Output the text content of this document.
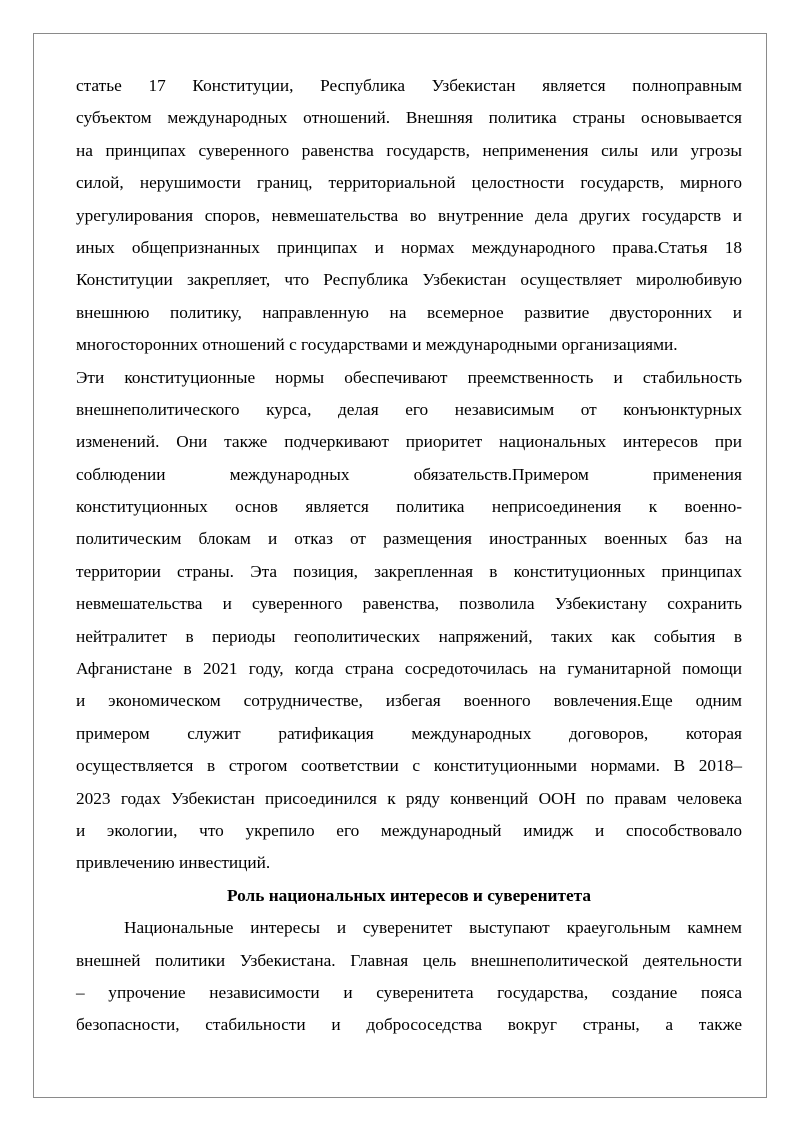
статье 17 Конституции, Республика Узбекистан является полноправным
субъектом международных отношений. Внешняя политика страны основывается
на принципах суверенного равенства государств, неприменения силы или угрозы
силой, нерушимости границ, территориальной целостности государств, мирного
урегулирования споров, невмешательства во внутренние дела других государств и
иных общепризнанных принципах и нормах международного права.Статья 18
Конституции закрепляет, что Республика Узбекистан осуществляет миролюбивую
внешнюю политику, направленную на всемерное развитие двусторонних и
многосторонних отношений с государствами и международными организациями.
Эти конституционные нормы обеспечивают преемственность и стабильность
внешнеполитического курса, делая его независимым от конъюнктурных
изменений. Они также подчеркивают приоритет национальных интересов при
соблюдении международных обязательств.Примером применения
конституционных основ является политика неприсоединения к военно-
политическим блокам и отказ от размещения иностранных военных баз на
территории страны. Эта позиция, закрепленная в конституционных принципах
невмешательства и суверенного равенства, позволила Узбекистану сохранить
нейтралитет в периоды геополитических напряжений, таких как события в
Афганистане в 2021 году, когда страна сосредоточилась на гуманитарной помощи
и экономическом сотрудничестве, избегая военного вовлечения.Еще одним
примером служит ратификация международных договоров, которая
осуществляется в строгом соответствии с конституционными нормами. В 2018–
2023 годах Узбекистан присоединился к ряду конвенций ООН по правам человека
и экологии, что укрепило его международный имидж и способствовало
привлечению инвестиций.
Роль национальных интересов и суверенитета
Национальные интересы и суверенитет выступают краеугольным камнем
внешней политики Узбекистана. Главная цель внешнеполитической деятельности
– упрочение независимости и суверенитета государства, создание пояса
безопасности, стабильности и добрососедства вокруг страны, а также
